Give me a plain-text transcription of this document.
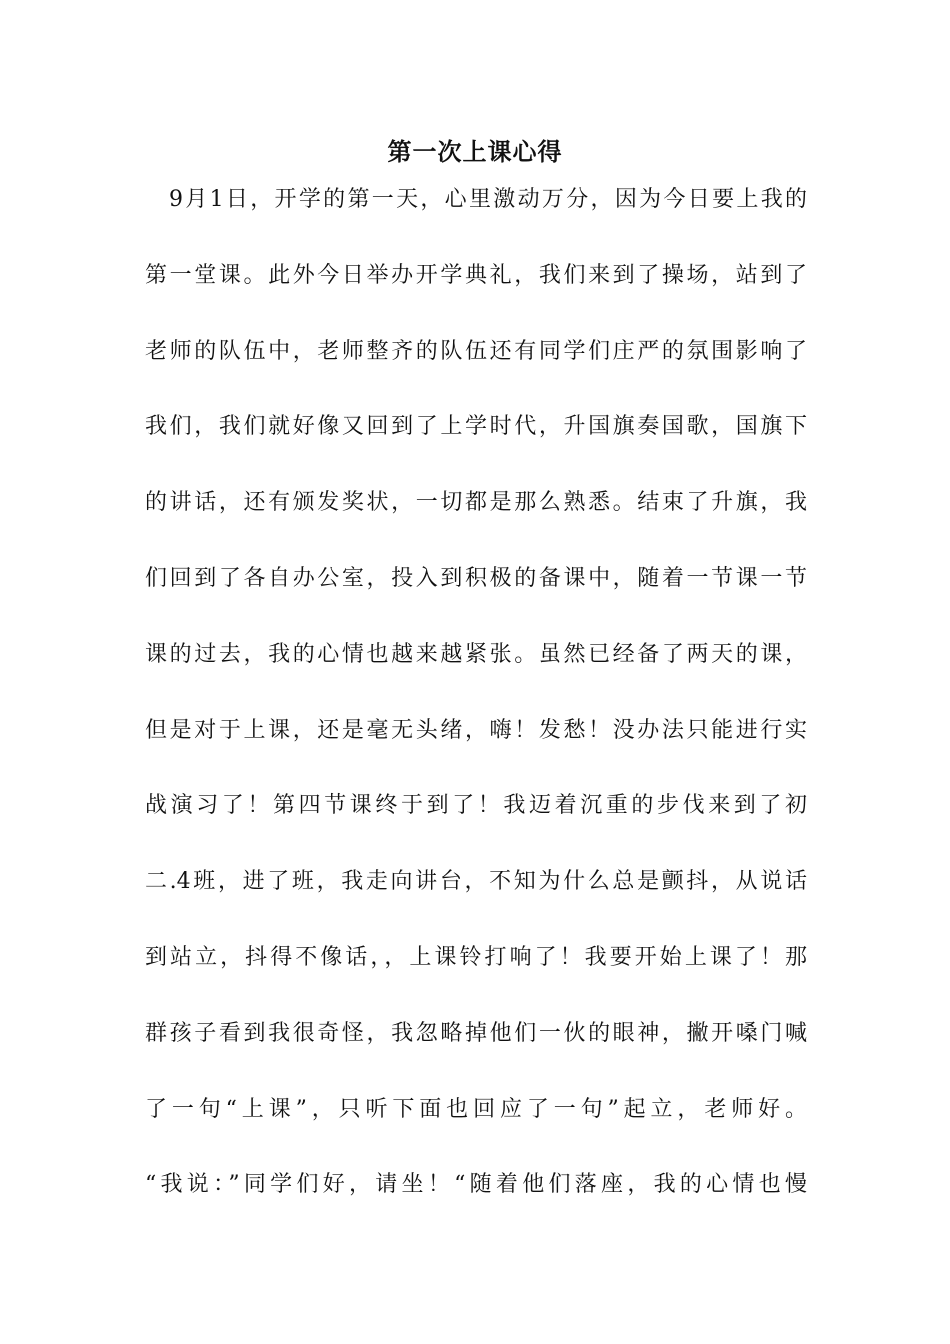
第一次上课心得
9月1日，开学的第一天，心里激动万分，因为今日要上我的
第一堂课。此外今日举办开学典礼，我们来到了操场，站到了
老师的队伍中，老师整齐的队伍还有同学们庄严的氛围影响了
我们，我们就好像又回到了上学时代，升国旗奏国歌，国旗下
的讲话，还有颁发奖状，一切都是那么熟悉。结束了升旗，我
们回到了各自办公室，投入到积极的备课中，随着一节课一节
课的过去，我的心情也越来越紧张。虽然已经备了两天的课，
但是对于上课，还是毫无头绪，嗨！发愁！没办法只能进行实
战演习了！第四节课终于到了！我迈着沉重的步伐来到了初
二.4班，进了班，我走向讲台，不知为什么总是颤抖，从说话
到站立，抖得不像话，，上课铃打响了！我要开始上课了！那
群孩子看到我很奇怪，我忽略掉他们一伙的眼神，撇开嗓门喊
了一句“上课”，只听下面也回应了一句”起立，老师好。
“我说：”同学们好，请坐！“随着他们落座，我的心情也慢
